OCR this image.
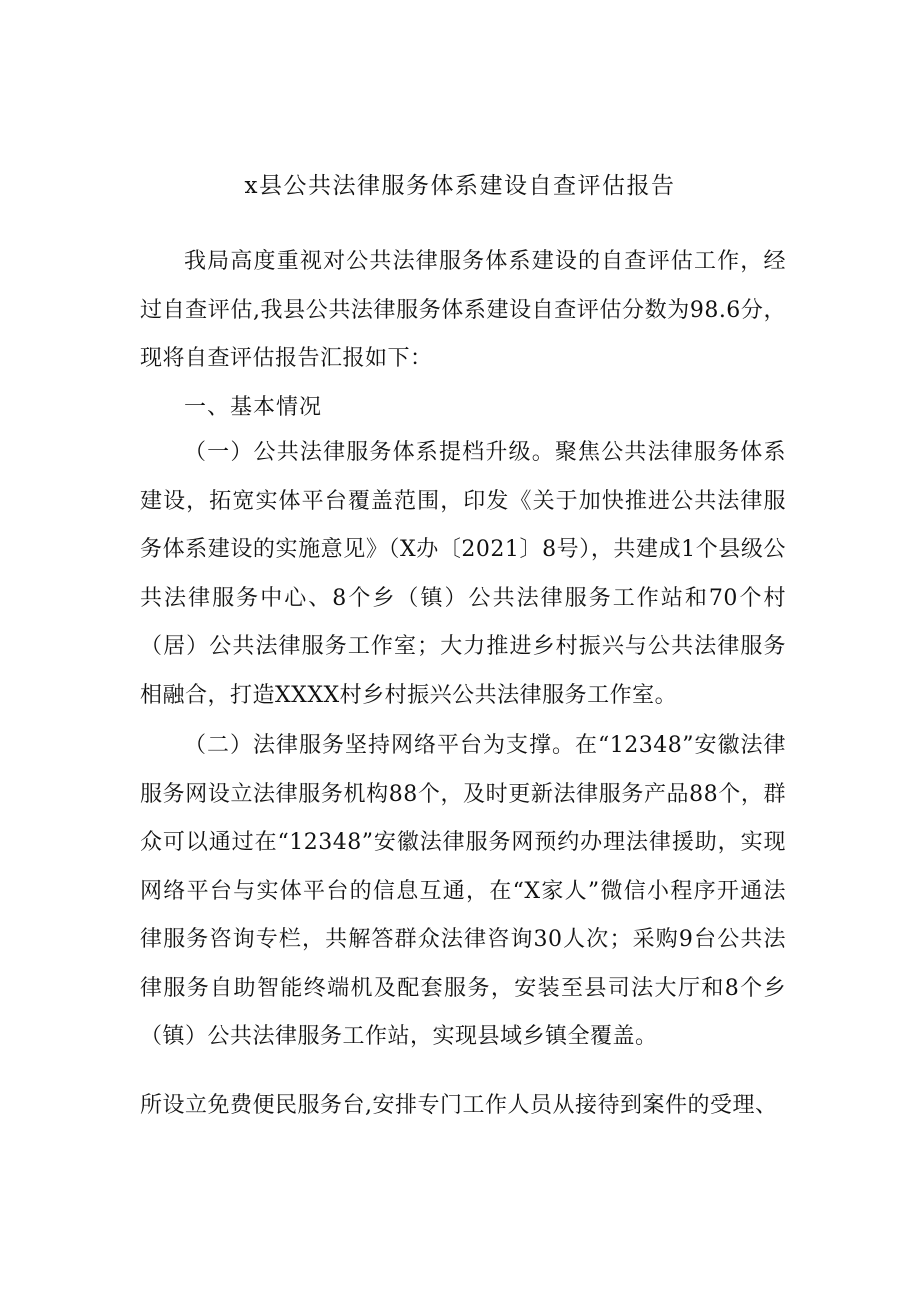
x县公共法律服务体系建设自查评估报告

我局高度重视对公共法律服务体系建设的自查评估工作，经过自查评估,我县公共法律服务体系建设自查评估分数为98.6分，现将自查评估报告汇报如下：

一、基本情况

（一）公共法律服务体系提档升级。聚焦公共法律服务体系建设，拓宽实体平台覆盖范围，印发《关于加快推进公共法律服务体系建设的实施意见》（X办〔2021〕8号），共建成1个县级公共法律服务中心、8个乡（镇）公共法律服务工作站和70个村（居）公共法律服务工作室；大力推进乡村振兴与公共法律服务相融合，打造XXXX村乡村振兴公共法律服务工作室。

（二）法律服务坚持网络平台为支撑。在“12348”安徽法律服务网设立法律服务机构88个，及时更新法律服务产品88个，群众可以通过在“12348”安徽法律服务网预约办理法律援助，实现网络平台与实体平台的信息互通，在“X家人”微信小程序开通法律服务咨询专栏，共解答群众法律咨询30人次；采购9台公共法律服务自助智能终端机及配套服务，安装至县司法大厅和8个乡（镇）公共法律服务工作站，实现县域乡镇全覆盖。

所设立免费便民服务台,安排专门工作人员从接待到案件的受理、
